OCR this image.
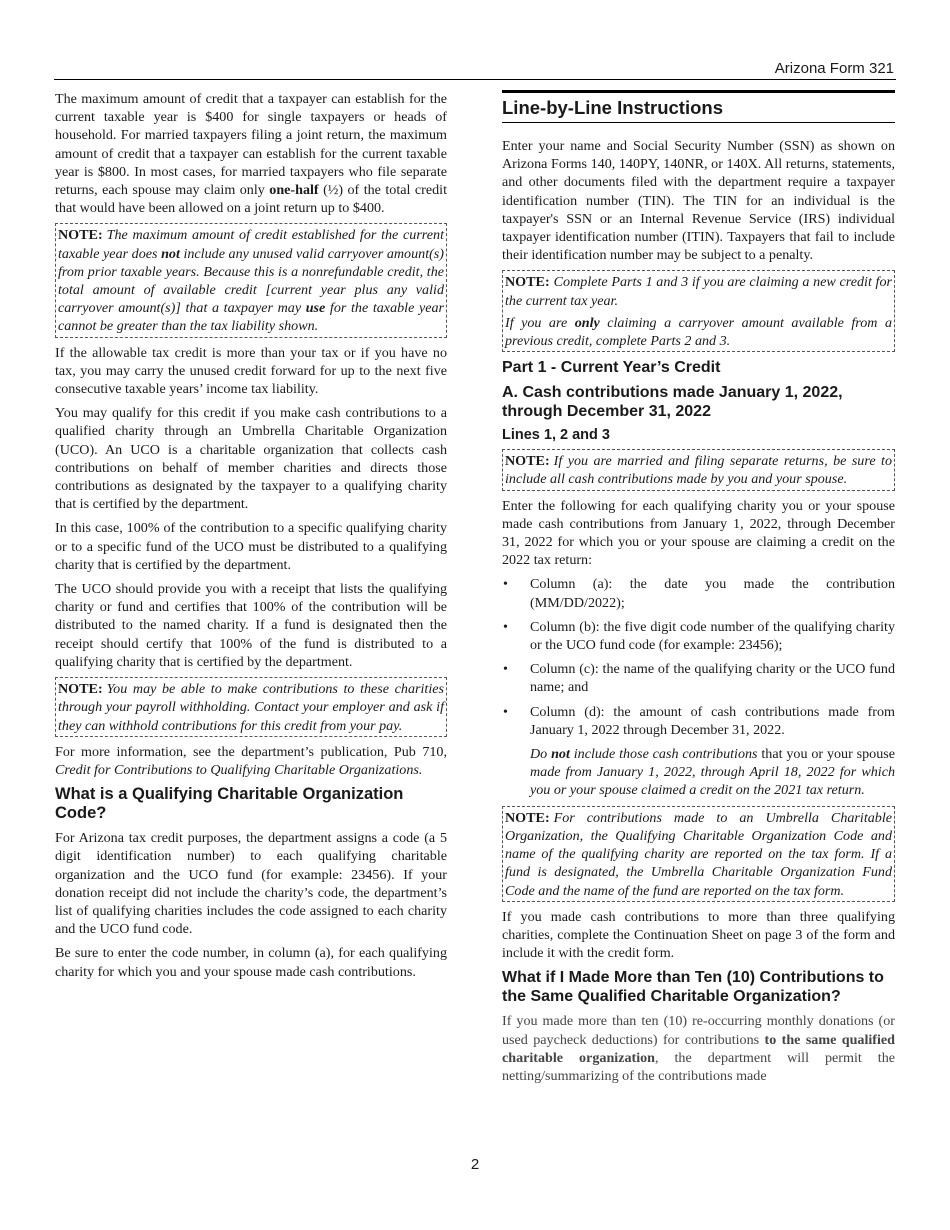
Arizona Form 321

The maximum amount of credit that a taxpayer can establish for the current taxable year is $400 for single taxpayers or heads of household. For married taxpayers filing a joint return, the maximum amount of credit that a taxpayer can establish for the current taxable year is $800. In most cases, for married taxpayers who file separate returns, each spouse may claim only one-half (½) of the total credit that would have been allowed on a joint return up to $400.

NOTE: The maximum amount of credit established for the current taxable year does not include any unused valid carryover amount(s) from prior taxable years. Because this is a nonrefundable credit, the total amount of available credit [current year plus any valid carryover amount(s)] that a taxpayer may use for the taxable year cannot be greater than the tax liability shown.

If the allowable tax credit is more than your tax or if you have no tax, you may carry the unused credit forward for up to the next five consecutive taxable years’ income tax liability.

You may qualify for this credit if you make cash contributions to a qualified charity through an Umbrella Charitable Organization (UCO). An UCO is a charitable organization that collects cash contributions on behalf of member charities and directs those contributions as designated by the taxpayer to a qualifying charity that is certified by the department.

In this case, 100% of the contribution to a specific qualifying charity or to a specific fund of the UCO must be distributed to a qualifying charity that is certified by the department.

The UCO should provide you with a receipt that lists the qualifying charity or fund and certifies that 100% of the contribution will be distributed to the named charity. If a fund is designated then the receipt should certify that 100% of the fund is distributed to a qualifying charity that is certified by the department.

NOTE: You may be able to make contributions to these charities through your payroll withholding. Contact your employer and ask if they can withhold contributions for this credit from your pay.

For more information, see the department’s publication, Pub 710, Credit for Contributions to Qualifying Charitable Organizations.

What is a Qualifying Charitable Organization Code?

For Arizona tax credit purposes, the department assigns a code (a 5 digit identification number) to each qualifying charitable organization and the UCO fund (for example: 23456). If your donation receipt did not include the charity’s code, the department’s list of qualifying charities includes the code assigned to each charity and the UCO fund code.

Be sure to enter the code number, in column (a), for each qualifying charity for which you and your spouse made cash contributions.

Line-by-Line Instructions

Enter your name and Social Security Number (SSN) as shown on Arizona Forms 140, 140PY, 140NR, or 140X. All returns, statements, and other documents filed with the department require a taxpayer identification number (TIN). The TIN for an individual is the taxpayer's SSN or an Internal Revenue Service (IRS) individual taxpayer identification number (ITIN). Taxpayers that fail to include their identification number may be subject to a penalty.

NOTE: Complete Parts 1 and 3 if you are claiming a new credit for the current tax year.

If you are only claiming a carryover amount available from a previous credit, complete Parts 2 and 3.

Part 1 - Current Year’s Credit
A. Cash contributions made January 1, 2022, through December 31, 2022
Lines 1, 2 and 3

NOTE: If you are married and filing separate returns, be sure to include all cash contributions made by you and your spouse.

Enter the following for each qualifying charity you or your spouse made cash contributions from January 1, 2022, through December 31, 2022 for which you or your spouse are claiming a credit on the 2022 tax return:

• Column (a): the date you made the contribution (MM/DD/2022);
• Column (b): the five digit code number of the qualifying charity or the UCO fund code (for example: 23456);
• Column (c): the name of the qualifying charity or the UCO fund name; and
• Column (d): the amount of cash contributions made from January 1, 2022 through December 31, 2022.

Do not include those cash contributions that you or your spouse made from January 1, 2022, through April 18, 2022 for which you or your spouse claimed a credit on the 2021 tax return.

NOTE: For contributions made to an Umbrella Charitable Organization, the Qualifying Charitable Organization Code and name of the qualifying charity are reported on the tax form. If a fund is designated, the Umbrella Charitable Organization Fund Code and the name of the fund are reported on the tax form.

If you made cash contributions to more than three qualifying charities, complete the Continuation Sheet on page 3 of the form and include it with the credit form.

What if I Made More than Ten (10) Contributions to the Same Qualified Charitable Organization?

If you made more than ten (10) re-occurring monthly donations (or used paycheck deductions) for contributions to the same qualified charitable organization, the department will permit the netting/summarizing of the contributions made

2
